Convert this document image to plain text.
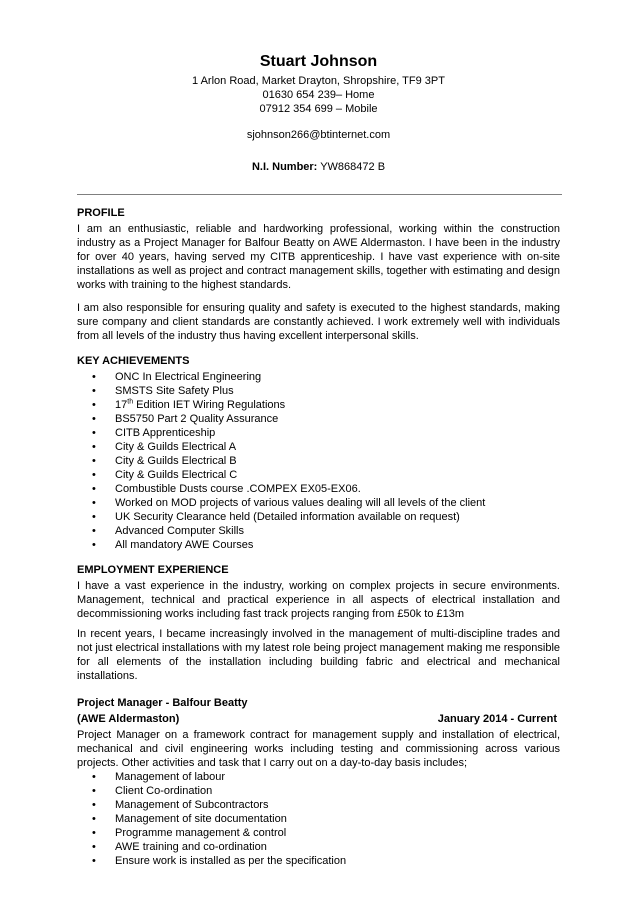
Stuart Johnson
1 Arlon Road, Market Drayton, Shropshire, TF9 3PT
01630 654 239– Home
07912 354 699 – Mobile
sjohnson266@btinternet.com
N.I. Number: YW868472 B
PROFILE

I am an enthusiastic, reliable and hardworking professional, working within the construction industry as a Project Manager for Balfour Beatty on AWE Aldermaston. I have been in the industry for over 40 years, having served my CITB apprenticeship. I have vast experience with on-site installations as well as project and contract management skills, together with estimating and design works with training to the highest standards.

I am also responsible for ensuring quality and safety is executed to the highest standards, making sure company and client standards are constantly achieved. I work extremely well with individuals from all levels of the industry thus having excellent interpersonal skills.

KEY ACHIEVEMENTS
• ONC In Electrical Engineering
• SMSTS Site Safety Plus
• 17th Edition IET Wiring Regulations
• BS5750 Part 2 Quality Assurance
• CITB Apprenticeship
• City & Guilds Electrical A
• City & Guilds Electrical B
• City & Guilds Electrical C
• Combustible Dusts course .COMPEX EX05-EX06.
• Worked on MOD projects of various values dealing will all levels of the client
• UK Security Clearance held (Detailed information available on request)
• Advanced Computer Skills
• All mandatory AWE Courses
EMPLOYMENT EXPERIENCE

I have a vast experience in the industry, working on complex projects in secure environments. Management, technical and practical experience in all aspects of electrical installation and decommissioning works including fast track projects ranging from £50k to £13m

In recent years, I became increasingly involved in the management of multi-discipline trades and not just electrical installations with my latest role being project management making me responsible for all elements of the installation including building fabric and electrical and mechanical installations.

Project Manager - Balfour Beatty
(AWE Aldermaston)	January 2014 - Current

Project Manager on a framework contract for management supply and installation of electrical, mechanical and civil engineering works including testing and commissioning across various projects. Other activities and task that I carry out on a day-to-day basis includes;

• Management of labour
• Client Co-ordination
• Management of Subcontractors
• Management of site documentation
• Programme management & control
• AWE training and co-ordination
• Ensure work is installed as per the specification
